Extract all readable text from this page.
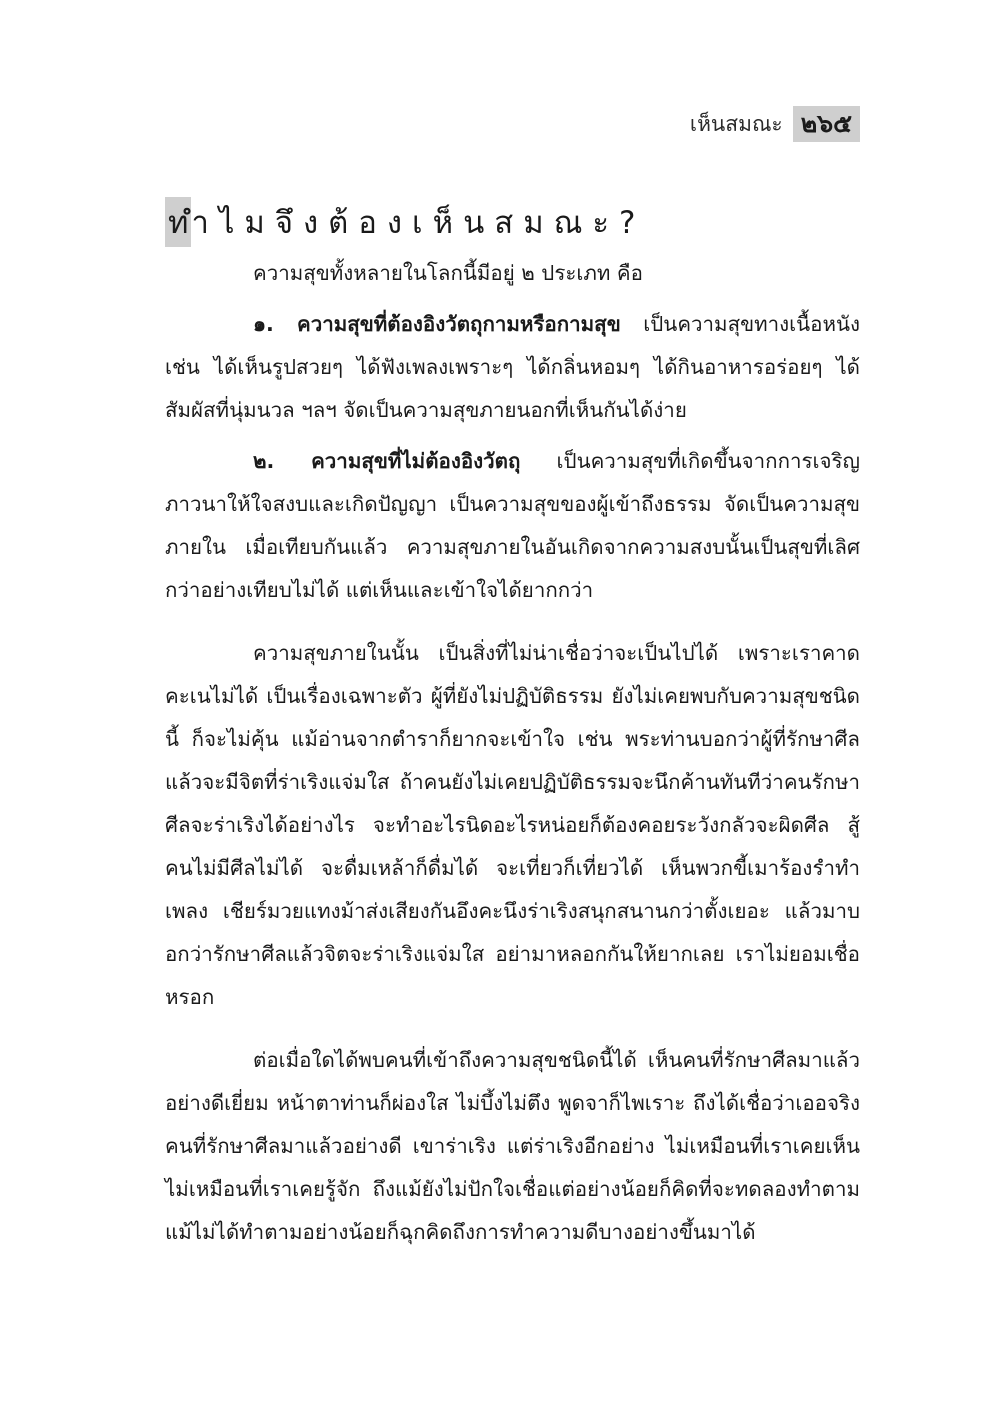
เห็นสมณะ ๒๖๕
ทำไมจึงต้องเห็นสมณะ?

ความสุขทั้งหลายในโลกนี้มีอยู่ ๒ ประเภท คือ

๑. ความสุขที่ต้องอิงวัตถุกามหรือกามสุข เป็นความสุขทางเนื้อหนัง เช่น ได้เห็นรูปสวยๆ ได้ฟังเพลงเพราะๆ ได้กลิ่นหอมๆ ได้กินอาหารอร่อยๆ ได้สัมผัสที่นุ่มนวล ฯลฯ จัดเป็นความสุขภายนอกที่เห็นกันได้ง่าย

๒. ความสุขที่ไม่ต้องอิงวัตถุ เป็นความสุขที่เกิดขึ้นจากการเจริญภาวนาให้ใจสงบและเกิดปัญญา เป็นความสุขของผู้เข้าถึงธรรม จัดเป็นความสุขภายใน เมื่อเทียบกันแล้ว ความสุขภายในอันเกิดจากความสงบนั้นเป็นสุขที่เลิศกว่าอย่างเทียบไม่ได้ แต่เห็นและเข้าใจได้ยากกว่า

ความสุขภายในนั้น เป็นสิ่งที่ไม่น่าเชื่อว่าจะเป็นไปได้ เพราะเราคาดคะเนไม่ได้ เป็นเรื่องเฉพาะตัว ผู้ที่ยังไม่ปฏิบัติธรรม ยังไม่เคยพบกับความสุขชนิดนี้ ก็จะไม่คุ้น แม้อ่านจากตำราก็ยากจะเข้าใจ เช่น พระท่านบอกว่าผู้ที่รักษาศีลแล้วจะมีจิตที่ร่าเริงแจ่มใส ถ้าคนยังไม่เคยปฏิบัติธรรมจะนึกค้านทันทีว่าคนรักษาศีลจะร่าเริงได้อย่างไร จะทำอะไรนิดอะไรหน่อยก็ต้องคอยระวังกลัวจะผิดศีล สู้คนไม่มีศีลไม่ได้ จะดื่มเหล้าก็ดื่มได้ จะเที่ยวก็เที่ยวได้ เห็นพวกขี้เมาร้องรำทำเพลง เชียร์มวยแทงม้าส่งเสียงกันอึงคะนึงร่าเริงสนุกสนานกว่าตั้งเยอะ แล้วมาบอกว่ารักษาศีลแล้วจิตจะร่าเริงแจ่มใส อย่ามาหลอกกันให้ยากเลย เราไม่ยอมเชื่อหรอก

ต่อเมื่อใดได้พบคนที่เข้าถึงความสุขชนิดนี้ได้ เห็นคนที่รักษาศีลมาแล้วอย่างดีเยี่ยม หน้าตาท่านก็ผ่องใส ไม่บึ้งไม่ตึง พูดจาก็ไพเราะ ถึงได้เชื่อว่าเออจริง คนที่รักษาศีลมาแล้วอย่างดี เขาร่าเริง แต่ร่าเริงอีกอย่าง ไม่เหมือนที่เราเคยเห็น ไม่เหมือนที่เราเคยรู้จัก ถึงแม้ยังไม่ปักใจเชื่อแต่อย่างน้อยก็คิดที่จะทดลองทำตาม แม้ไม่ได้ทำตามอย่างน้อยก็ฉุกคิดถึงการทำความดีบางอย่างขึ้นมาได้
